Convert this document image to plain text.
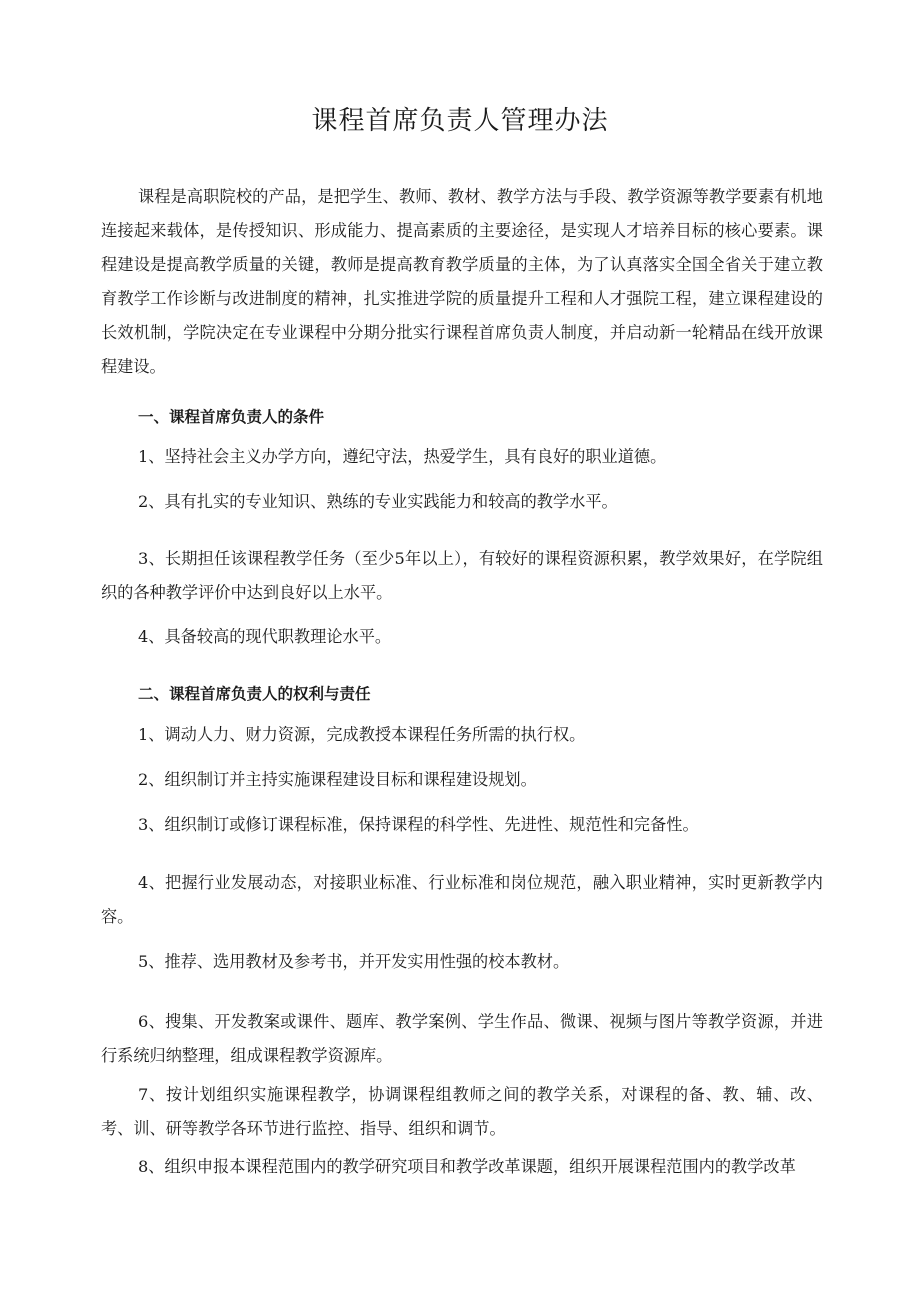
课程首席负责人管理办法

课程是高职院校的产品，是把学生、教师、教材、教学方法与手段、教学资源等教学要素有机地连接起来载体，是传授知识、形成能力、提高素质的主要途径，是实现人才培养目标的核心要素。课程建设是提高教学质量的关键，教师是提高教育教学质量的主体，为了认真落实全国全省关于建立教育教学工作诊断与改进制度的精神，扎实推进学院的质量提升工程和人才强院工程，建立课程建设的长效机制，学院决定在专业课程中分期分批实行课程首席负责人制度，并启动新一轮精品在线开放课程建设。

一、课程首席负责人的条件

1、坚持社会主义办学方向，遵纪守法，热爱学生，具有良好的职业道德。

2、具有扎实的专业知识、熟练的专业实践能力和较高的教学水平。

3、长期担任该课程教学任务（至少5年以上），有较好的课程资源积累，教学效果好，在学院组织的各种教学评价中达到良好以上水平。

4、具备较高的现代职教理论水平。

二、课程首席负责人的权利与责任

1、调动人力、财力资源，完成教授本课程任务所需的执行权。

2、组织制订并主持实施课程建设目标和课程建设规划。

3、组织制订或修订课程标准，保持课程的科学性、先进性、规范性和完备性。

4、把握行业发展动态，对接职业标准、行业标准和岗位规范，融入职业精神，实时更新教学内容。

5、推荐、选用教材及参考书，并开发实用性强的校本教材。

6、搜集、开发教案或课件、题库、教学案例、学生作品、微课、视频与图片等教学资源，并进行系统归纳整理，组成课程教学资源库。

7、按计划组织实施课程教学，协调课程组教师之间的教学关系，对课程的备、教、辅、改、考、训、研等教学各环节进行监控、指导、组织和调节。

8、组织申报本课程范围内的教学研究项目和教学改革课题，组织开展课程范围内的教学改革
